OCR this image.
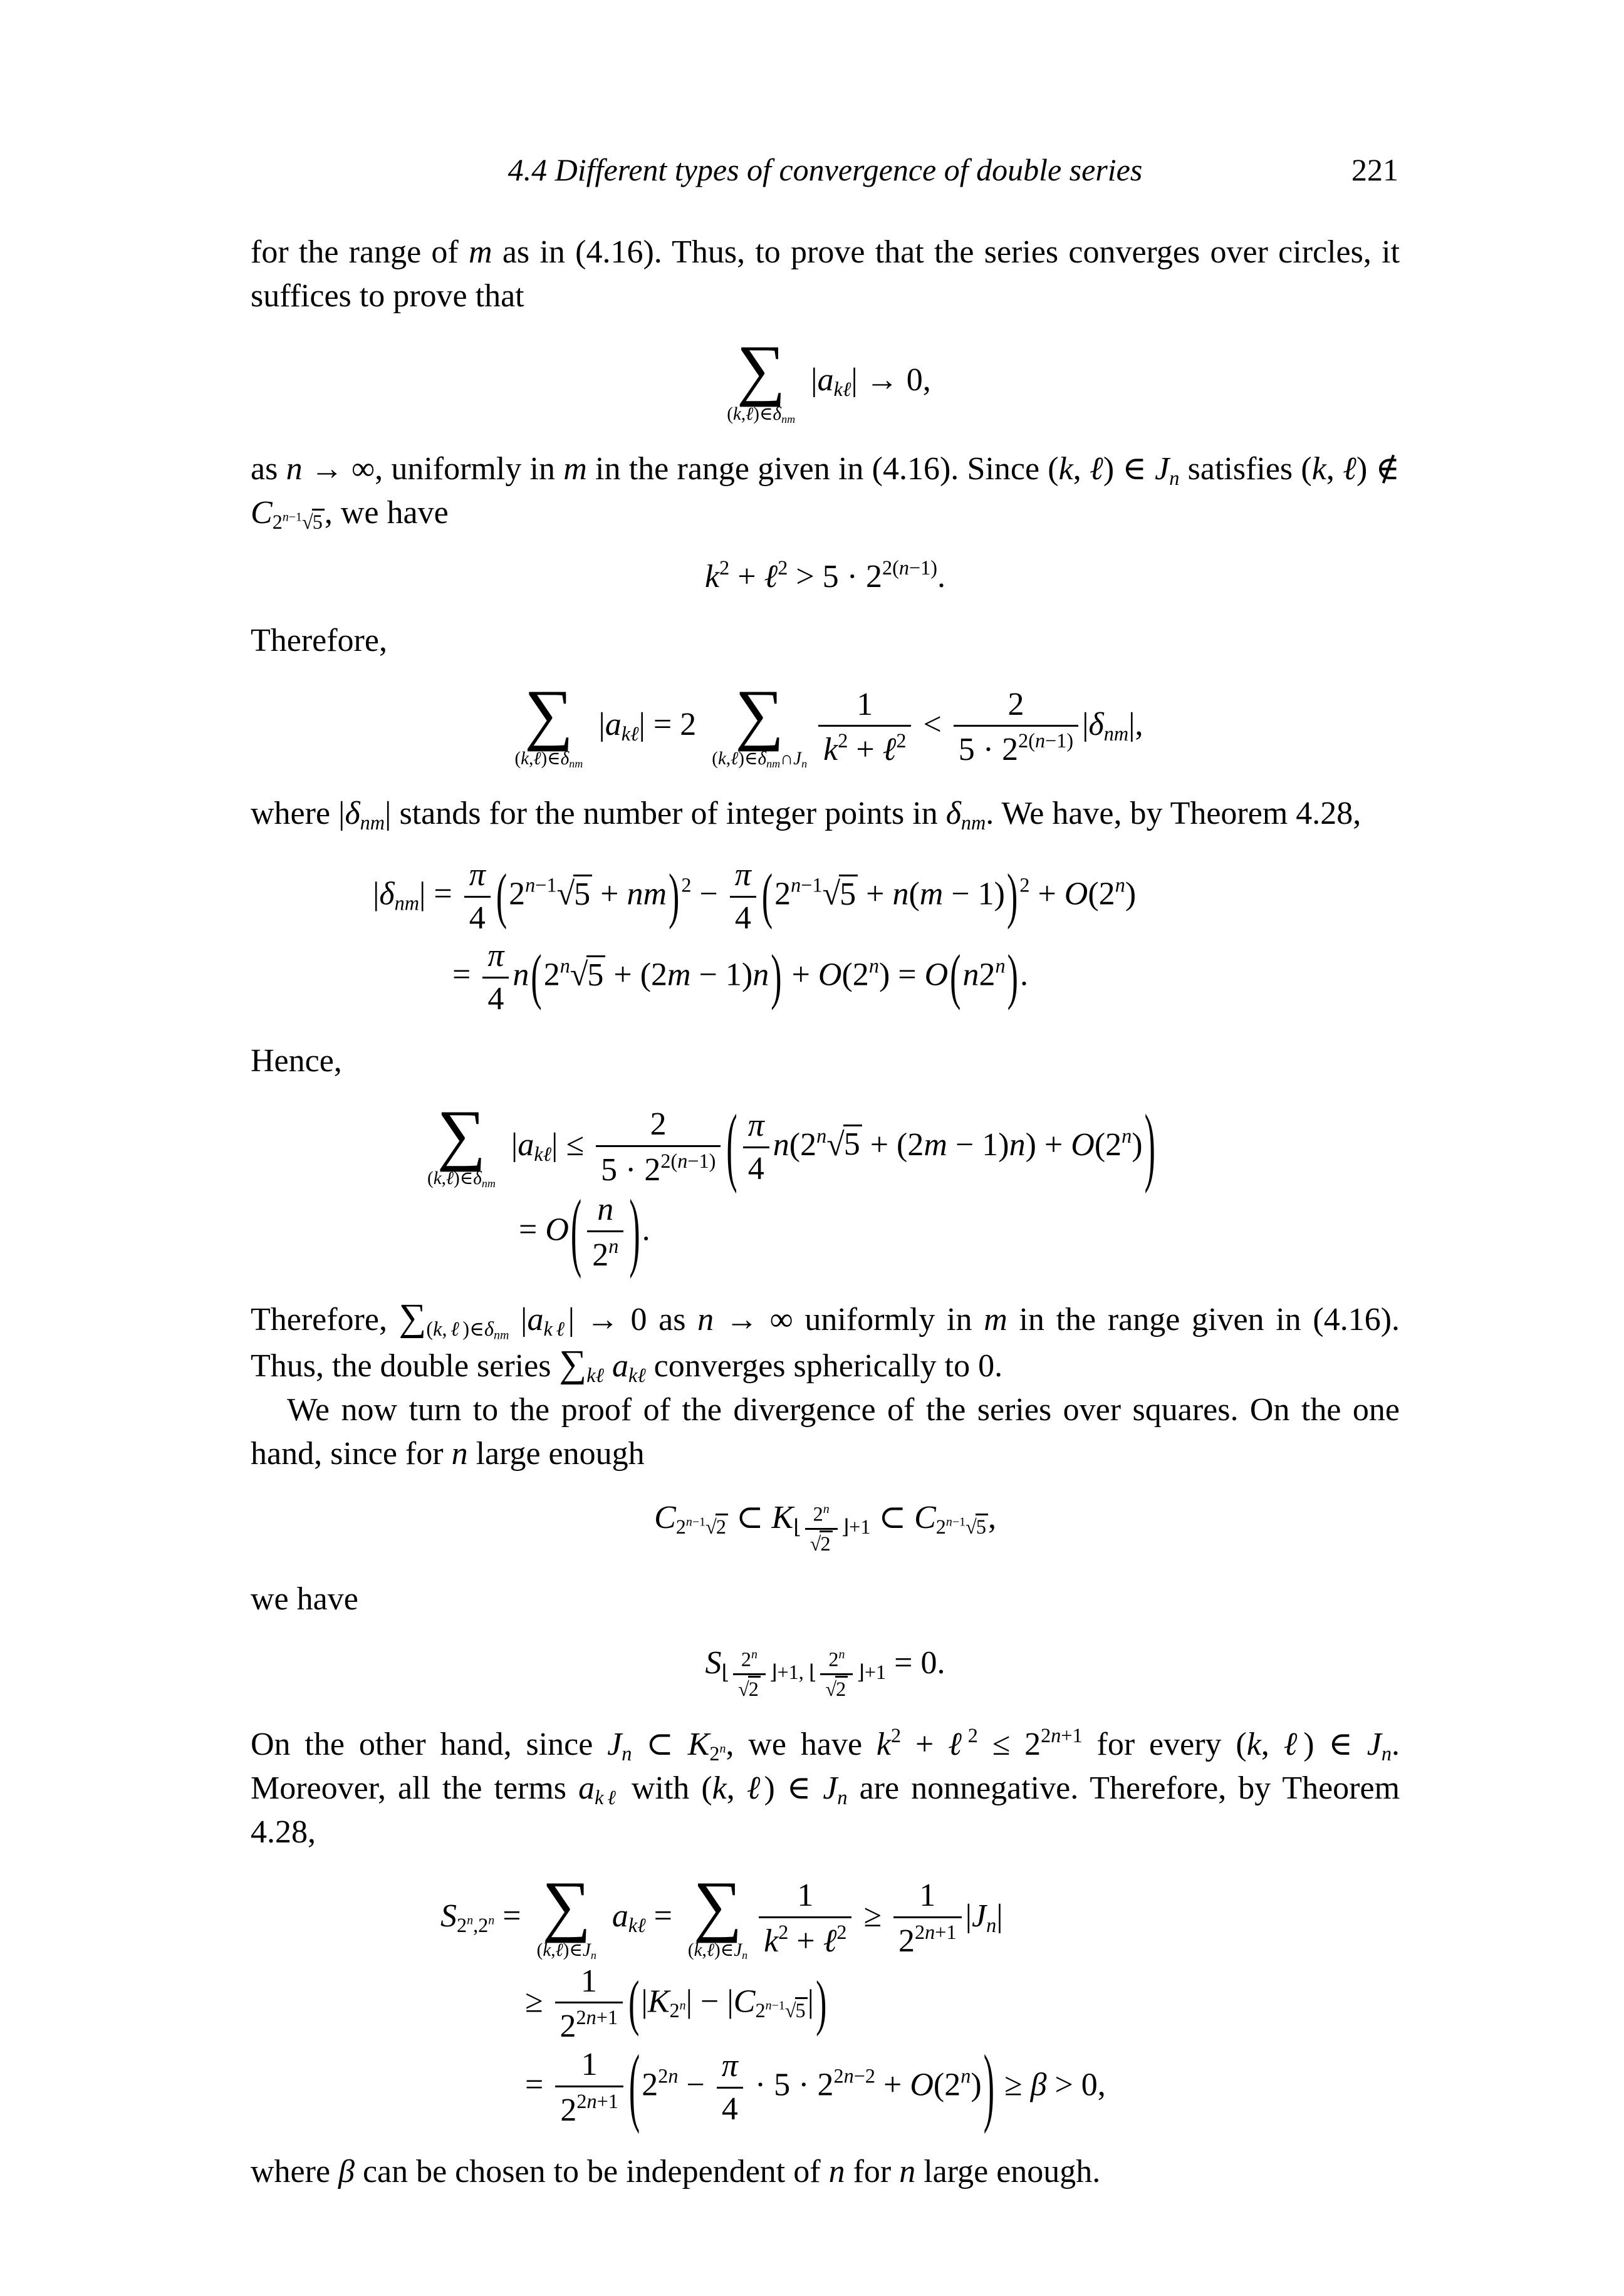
4.4 Different types of convergence of double series	221

for the range of m as in (4.16). Thus, to prove that the series converges over circles, it suffices to prove that

∑
(k,ℓ)∈δnm
|akℓ| → 0,

as n → ∞, uniformly in m in the range given in (4.16). Since (k, ℓ) ∈ Jn satisfies (k, ℓ) ∉ $C2^{n-1}√5$, we have

$k^2$ + ℓ$^2$ > $5 \cdot 2^{2(n-1)}$.

Therefore,

∑
(k,ℓ)∈δnm
|akℓ| = 2 ∑
(k,ℓ)∈δnm∩Jn
1
$k^2$ + ℓ$^2$ < $\frac{2}{5 \cdot 2^{2(n-1)}} |\delta nm|$,

where |δnm| stands for the number of integer points in δnm. We have, by Theorem 4.28,

$|\delta nm| = \frac{\pi}{4} (2^{n-1}√5 + nm)^2 - \frac{\pi}{4} (2^{n-1}√5 + n(m - 1))^2 + O(2^n)$
= $\frac{\pi}{4} n(2^n√5 + (2m - 1)n) + O(2^n) = O(n2^n)$.

Hence,

∑
(k,ℓ)∈δnm
|akℓ| ≤ $\frac{2}{5 \cdot 2^{2(n-1)}}$ ( $\frac{\pi}{4} n(2^n√5 + (2m - 1)n) + O(2^n)$)
= $O( \frac{n}{2^n}$ ).

Therefore, ∑(k,ℓ)∈δnm |akℓ| → 0 as n → ∞ uniformly in m in the range given in (4.16). Thus, the double series ∑kℓ akℓ converges spherically to 0.

We now turn to the proof of the divergence of the series over squares. On the one hand, since for n large enough

$C2^{n-1}√2$ ⊂ K⌊ $\frac{2^n}{√2}$ ⌋+1 ⊂ $C2^{n-1}√5$,

we have

S⌊ $\frac{2^n}{√2}$ ⌋+1, ⌊ $\frac{2^n}{√2}$ ⌋+1 = 0.

On the other hand, since Jn ⊂ K2$^n$, we have $k^2$ + ℓ$^2$ ≤ $2^{2n+1}$ for every (k, ℓ) ∈ Jn. Moreover, all the terms akℓ with (k, ℓ) ∈ Jn are nonnegative. Therefore, by Theorem 4.28,

$S2^n,2^n$ = ∑
(k,ℓ)∈Jn
akℓ = ∑
(k,ℓ)∈Jn
1
$k^2$ + ℓ$^2$ ≥ $\frac{1}{2^{2n+1}} |Jn|$
≥ $\frac{1}{2^{2n+1}} (|K2^n| - |C2^{n-1}√5|)$
= $\frac{1}{2^{2n+1}} (2^{2n} - \frac{\pi}{4} \cdot 5 \cdot 2^{2n-2} + O(2^n)) \ge \beta > 0$,

where β can be chosen to be independent of n for n large enough.
